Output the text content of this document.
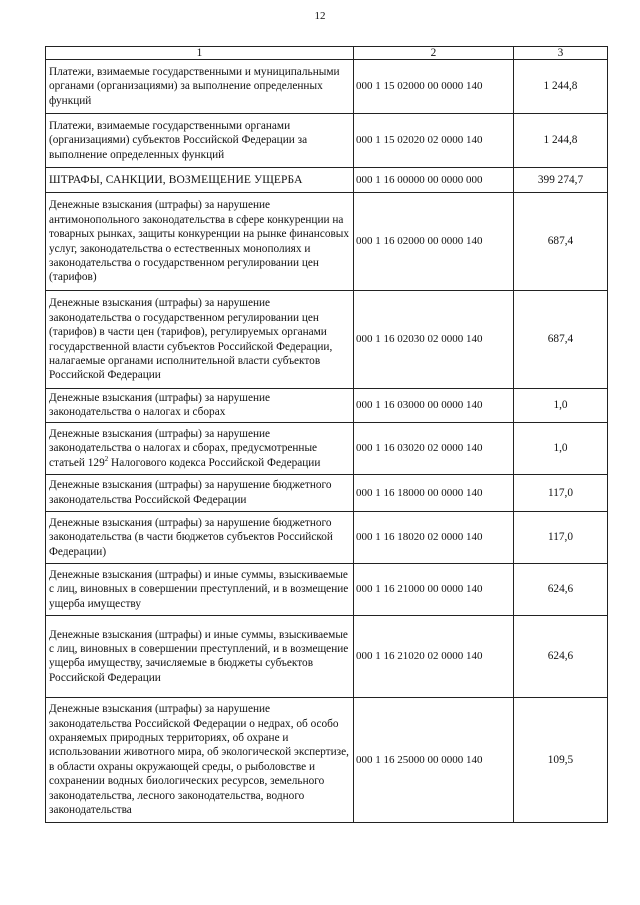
12
1	2	3
Платежи, взимаемые государственными и муниципальными органами (организациями) за выполнение определенных функций	000 1 15 02000 00 0000 140	1 244,8
Платежи, взимаемые государственными органами (организациями) субъектов Российской Федерации за выполнение определенных функций	000 1 15 02020 02 0000 140	1 244,8
ШТРАФЫ, САНКЦИИ, ВОЗМЕЩЕНИЕ УЩЕРБА	000 1 16 00000 00 0000 000	399 274,7
Денежные взыскания (штрафы) за нарушение антимонопольного законодательства в сфере конкуренции на товарных рынках, защиты конкуренции на рынке финансовых услуг, законодательства о естественных монополиях и законодательства о государственном регулировании цен (тарифов)	000 1 16 02000 00 0000 140	687,4
Денежные взыскания (штрафы) за нарушение законодательства о государственном регулировании цен (тарифов) в части цен (тарифов), регулируемых органами государственной власти субъектов Российской Федерации, налагаемые органами исполнительной власти субъектов Российской Федерации	000 1 16 02030 02 0000 140	687,4
Денежные взыскания (штрафы) за нарушение законодательства о налогах и сборах	000 1 16 03000 00 0000 140	1,0
Денежные взыскания (штрафы) за нарушение законодательства о налогах и сборах, предусмотренные статьей $129^2$ Налогового кодекса Российской Федерации	000 1 16 03020 02 0000 140	1,0
Денежные взыскания (штрафы) за нарушение бюджетного законодательства Российской Федерации	000 1 16 18000 00 0000 140	117,0
Денежные взыскания (штрафы) за нарушение бюджетного законодательства (в части бюджетов субъектов Российской Федерации)	000 1 16 18020 02 0000 140	117,0
Денежные взыскания (штрафы) и иные суммы, взыскиваемые с лиц, виновных в совершении преступлений, и в возмещение ущерба имуществу	000 1 16 21000 00 0000 140	624,6
Денежные взыскания (штрафы) и иные суммы, взыскиваемые с лиц, виновных в совершении преступлений, и в возмещение ущерба имуществу, зачисляемые в бюджеты субъектов Российской Федерации	000 1 16 21020 02 0000 140	624,6
Денежные взыскания (штрафы) за нарушение законодательства Российской Федерации о недрах, об особо охраняемых природных территориях, об охране и использовании животного мира, об экологической экспертизе, в области охраны окружающей среды, о рыболовстве и сохранении водных биологических ресурсов, земельного законодательства, лесного законодательства, водного законодательства	000 1 16 25000 00 0000 140	109,5
